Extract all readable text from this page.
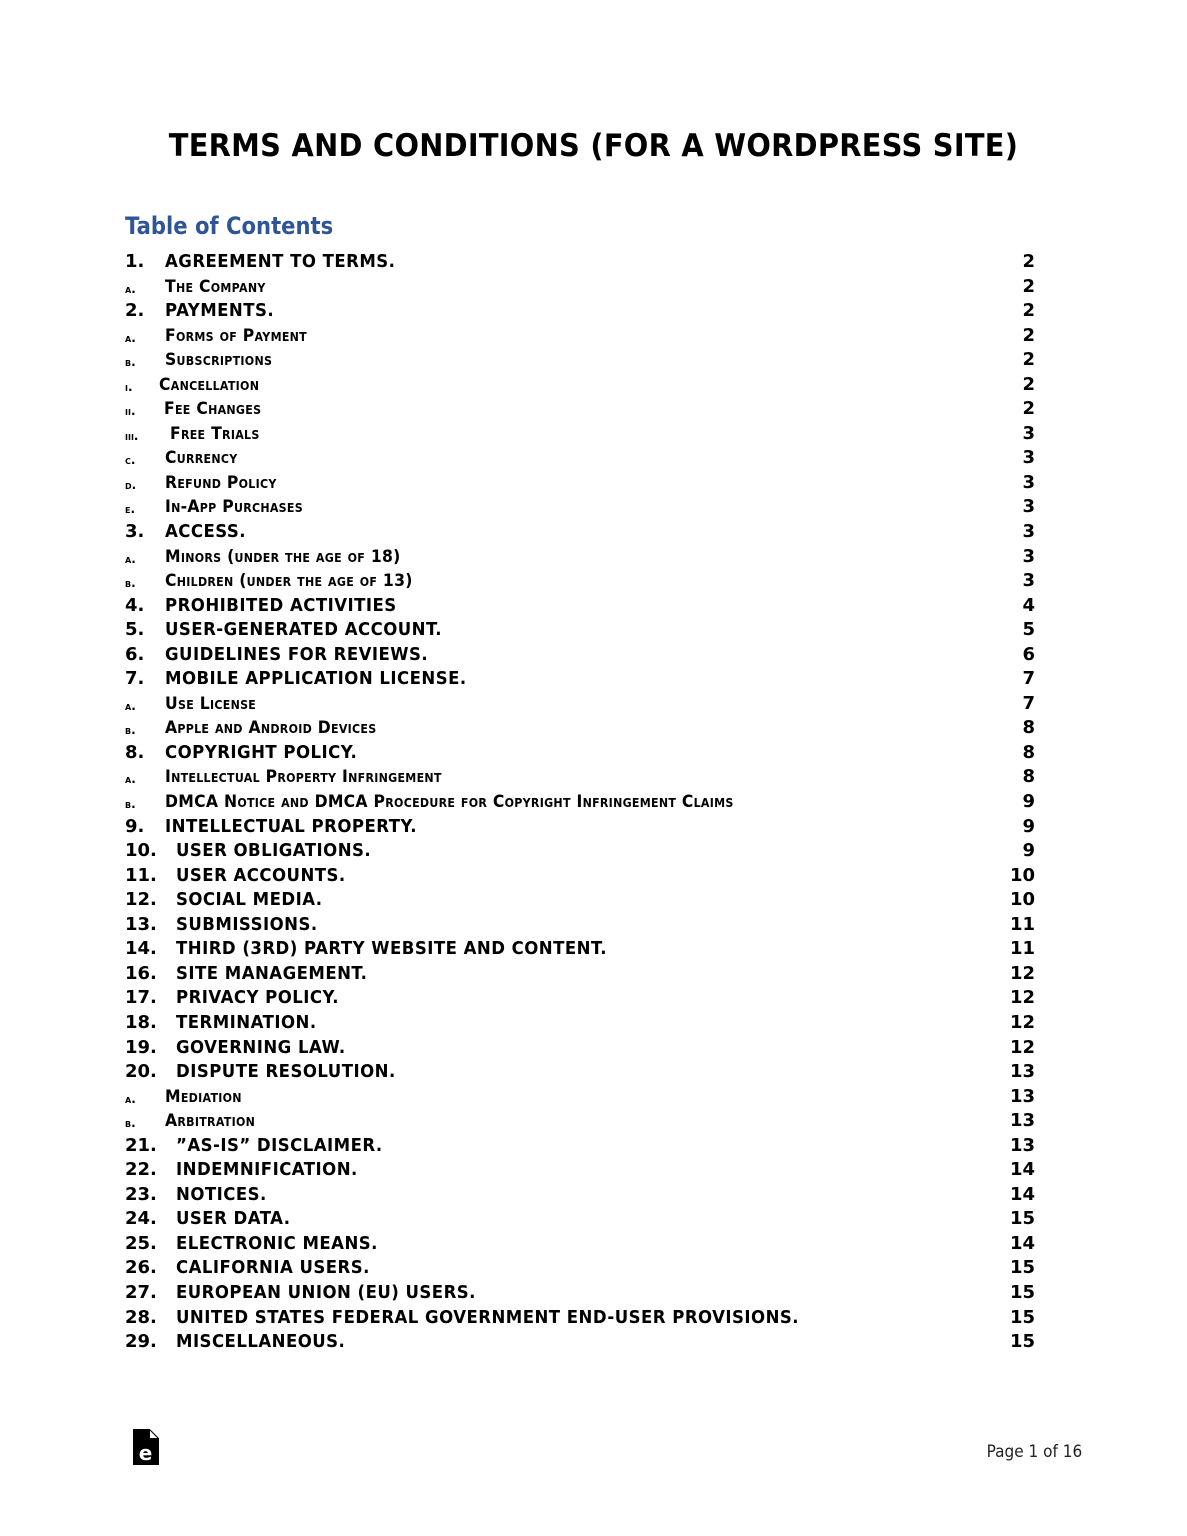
TERMS AND CONDITIONS (FOR A WORDPRESS SITE)
Table of Contents
1. AGREEMENT TO TERMS.	2
a. The Company	2
2. PAYMENTS.	2
a. Forms of Payment	2
b. Subscriptions	2
i. Cancellation	2
ii. Fee Changes	2
iii. Free Trials	3
c. Currency	3
d. Refund Policy	3
e. In-App Purchases	3
3. ACCESS.	3
a. Minors (under the age of 18)	3
b. Children (under the age of 13)	3
4. PROHIBITED ACTIVITIES	4
5. USER-GENERATED ACCOUNT.	5
6. GUIDELINES FOR REVIEWS.	6
7. MOBILE APPLICATION LICENSE.	7
a. Use License	7
b. Apple and Android Devices	8
8. COPYRIGHT POLICY.	8
a. Intellectual Property Infringement	8
b. DMCA Notice and DMCA Procedure for Copyright Infringement Claims	9
9. INTELLECTUAL PROPERTY.	9
10. USER OBLIGATIONS.	9
11. USER ACCOUNTS.	10
12. SOCIAL MEDIA.	10
13. SUBMISSIONS.	11
14. THIRD (3RD) PARTY WEBSITE AND CONTENT.	11
16. SITE MANAGEMENT.	12
17. PRIVACY POLICY.	12
18. TERMINATION.	12
19. GOVERNING LAW.	12
20. DISPUTE RESOLUTION.	13
a. Mediation	13
b. Arbitration	13
21. ”AS-IS” DISCLAIMER.	13
22. INDEMNIFICATION.	14
23. NOTICES.	14
24. USER DATA.	15
25. ELECTRONIC MEANS.	14
26. CALIFORNIA USERS.	15
27. EUROPEAN UNION (EU) USERS.	15
28. UNITED STATES FEDERAL GOVERNMENT END-USER PROVISIONS.	15
29. MISCELLANEOUS.	15
e	Page 1 of 16
